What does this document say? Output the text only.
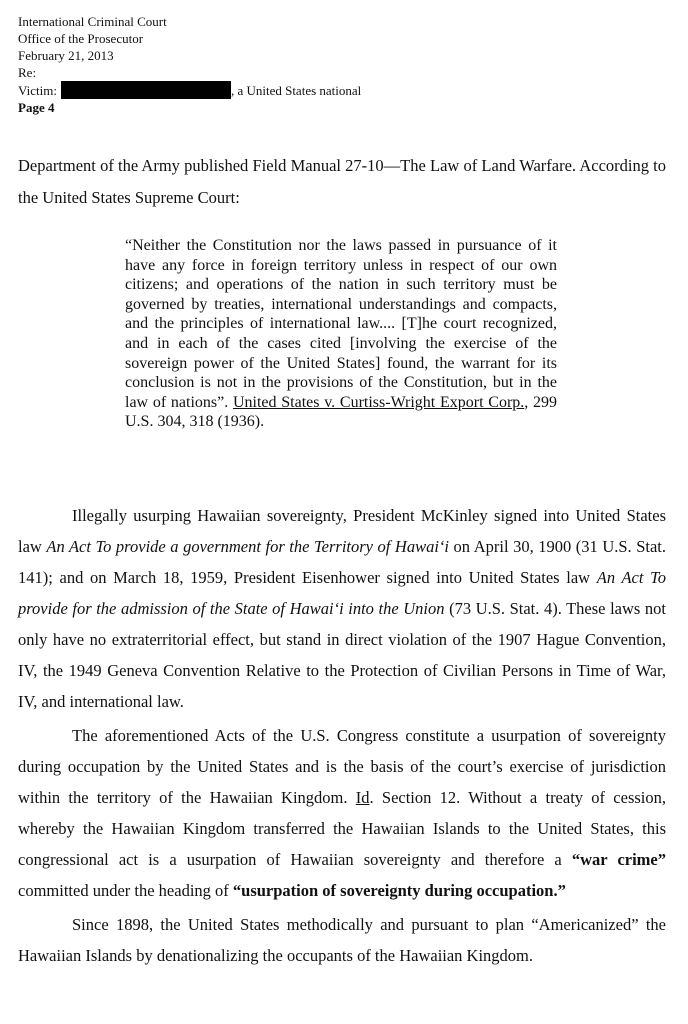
International Criminal Court
Office of the Prosecutor
February 21, 2013
Re:
Victim:	, a United States national
Page 4
Department of the Army published Field Manual 27-10—The Law of Land Warfare. According to the United States Supreme Court:
“Neither the Constitution nor the laws passed in pursuance of it have any force in foreign territory unless in respect of our own citizens; and operations of the nation in such territory must be governed by treaties, international understandings and compacts, and the principles of international law.... [T]he court recognized, and in each of the cases cited [involving the exercise of the sovereign power of the United States] found, the warrant for its conclusion is not in the provisions of the Constitution, but in the law of nations”. United States v. Curtiss-Wright Export Corp., 299 U.S. 304, 318 (1936).

Illegally usurping Hawaiian sovereignty, President McKinley signed into United States law An Act To provide a government for the Territory of Hawai‘i on April 30, 1900 (31 U.S. Stat. 141); and on March 18, 1959, President Eisenhower signed into United States law An Act To provide for the admission of the State of Hawai‘i into the Union (73 U.S. Stat. 4). These laws not only have no extraterritorial effect, but stand in direct violation of the 1907 Hague Convention, IV, the 1949 Geneva Convention Relative to the Protection of Civilian Persons in Time of War, IV, and international law.

The aforementioned Acts of the U.S. Congress constitute a usurpation of sovereignty during occupation by the United States and is the basis of the court’s exercise of jurisdiction within the territory of the Hawaiian Kingdom. Id. Section 12. Without a treaty of cession, whereby the Hawaiian Kingdom transferred the Hawaiian Islands to the United States, this congressional act is a usurpation of Hawaiian sovereignty and therefore a “war crime” committed under the heading of “usurpation of sovereignty during occupation.”

Since 1898, the United States methodically and pursuant to plan “Americanized” the Hawaiian Islands by denationalizing the occupants of the Hawaiian Kingdom.
